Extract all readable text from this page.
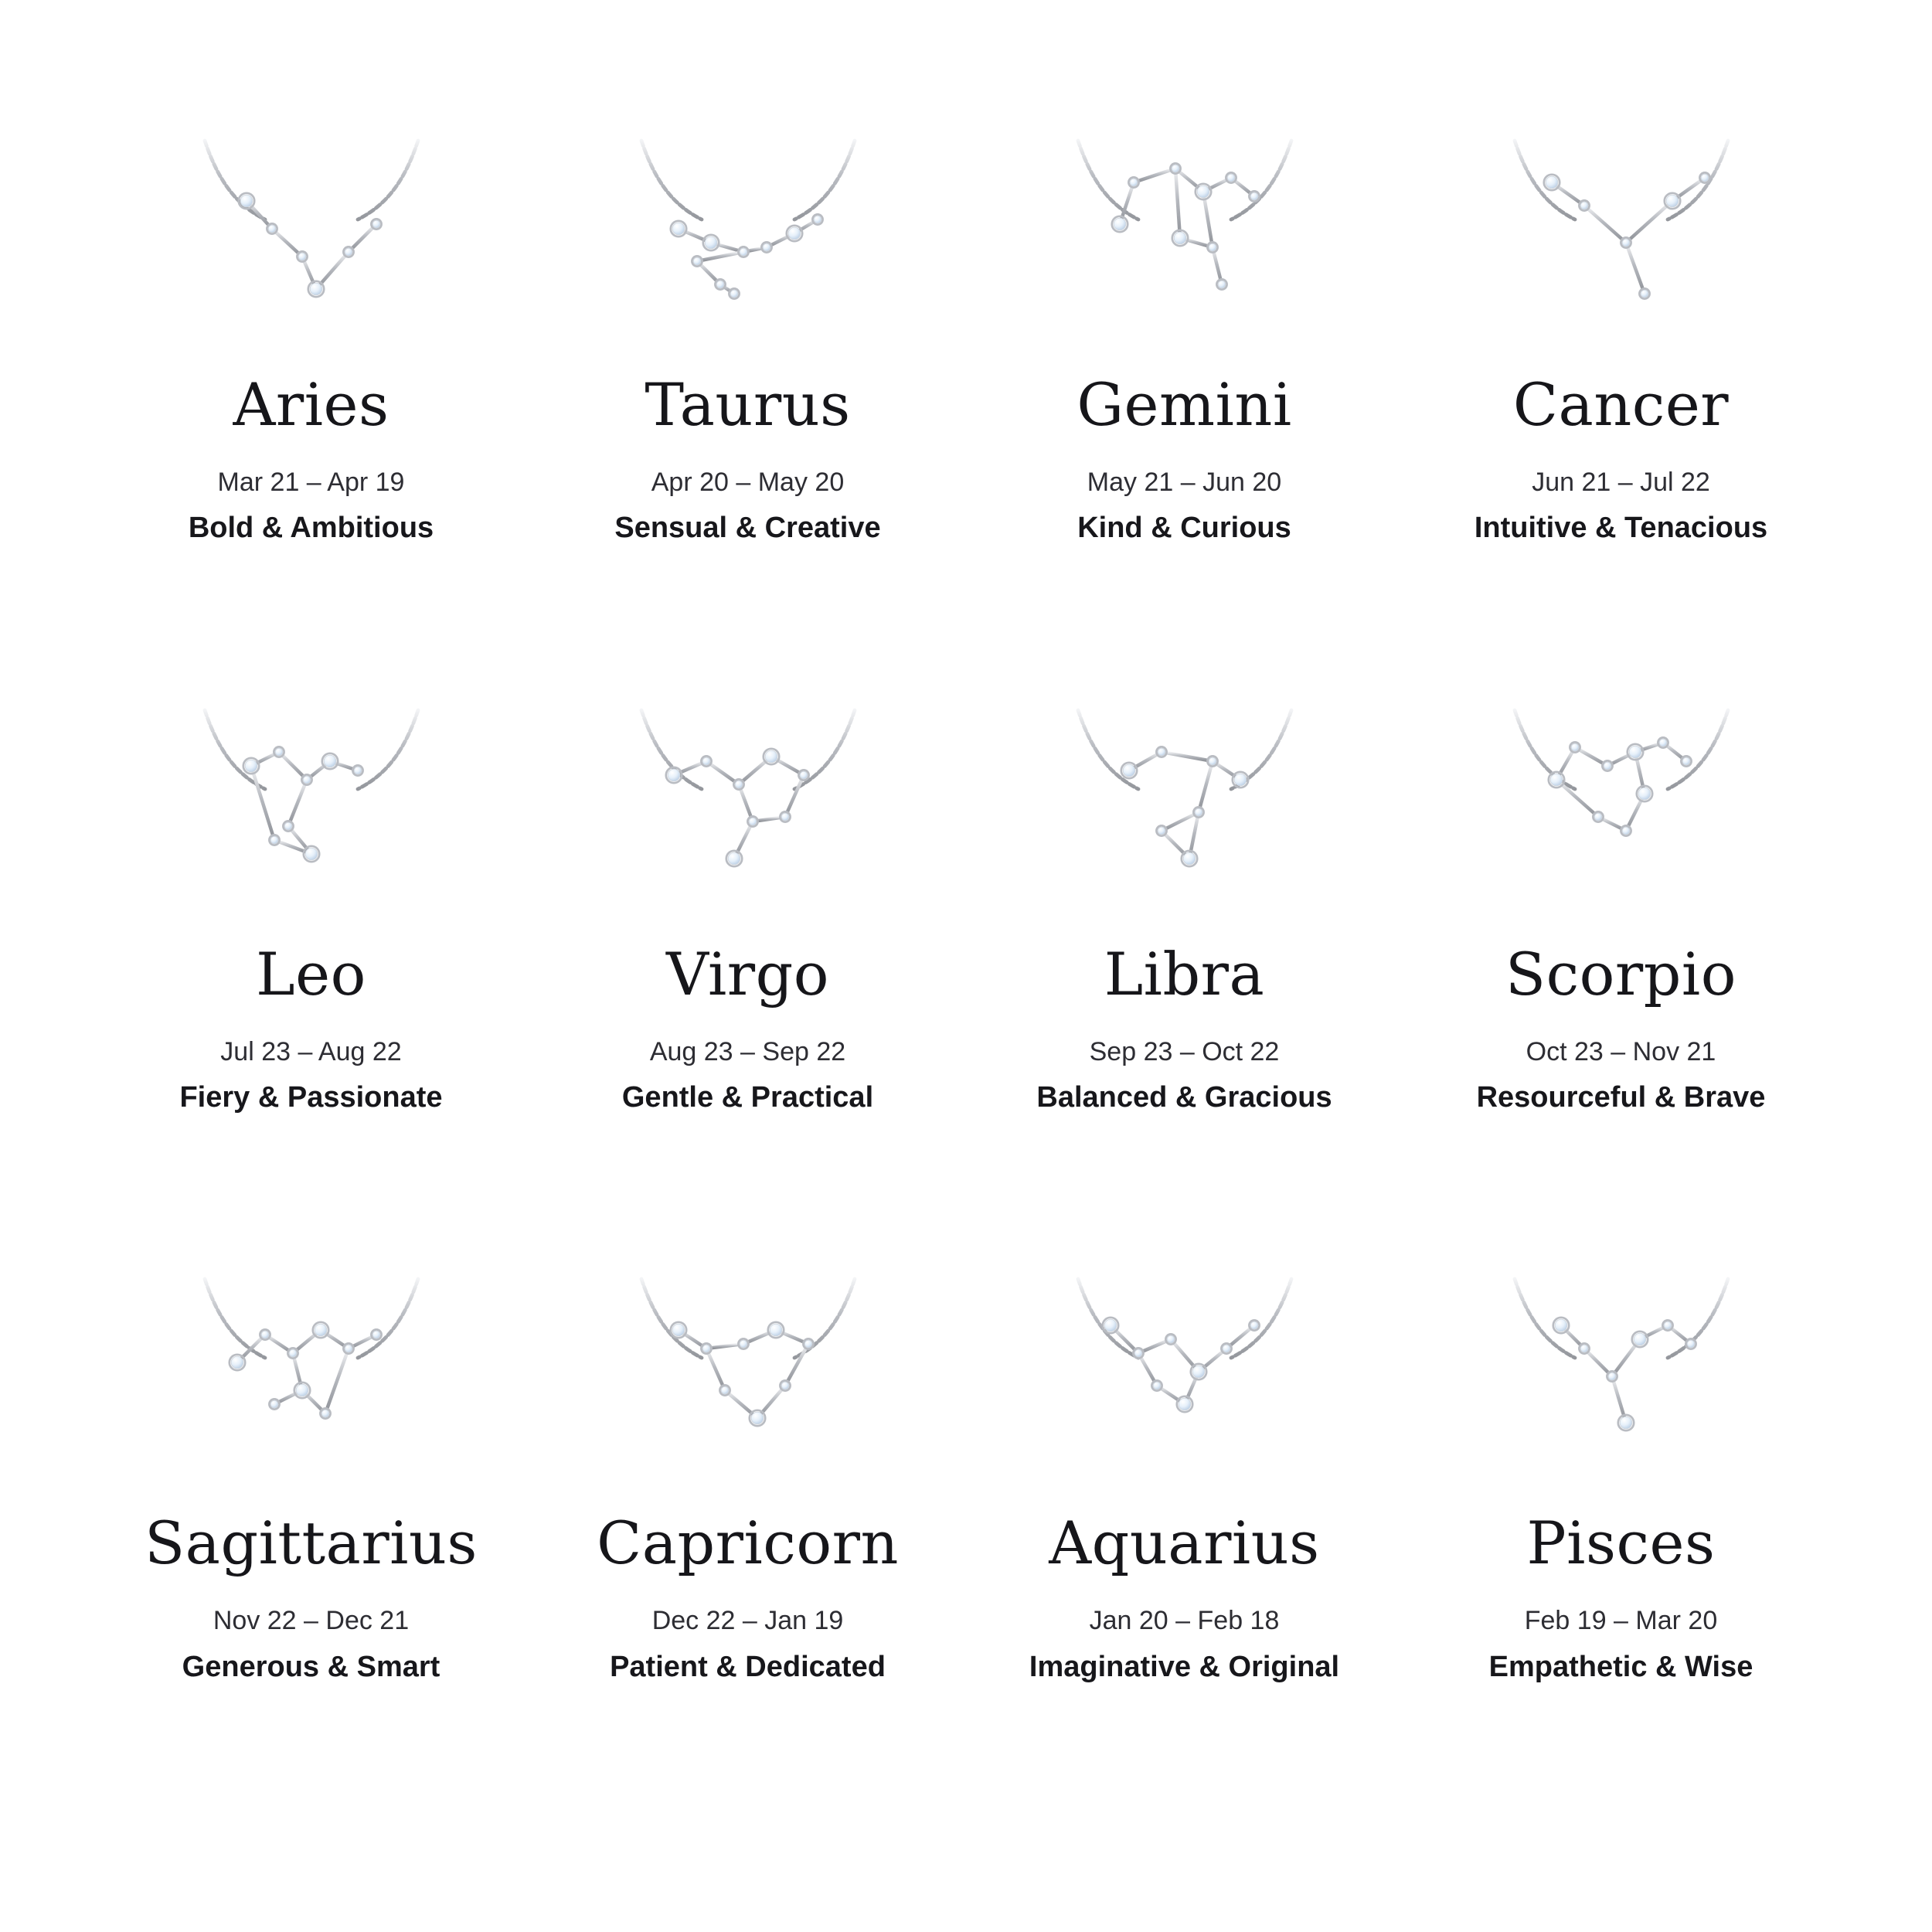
Aries
Mar 21 – Apr 19
Bold & Ambitious
Taurus
Apr 20 – May 20
Sensual & Creative
Gemini
May 21 – Jun 20
Kind & Curious
Cancer
Jun 21 – Jul 22
Intuitive & Tenacious
Leo
Jul 23 – Aug 22
Fiery & Passionate
Virgo
Aug 23 – Sep 22
Gentle & Practical
Libra
Sep 23 – Oct 22
Balanced & Gracious
Scorpio
Oct 23 – Nov 21
Resourceful & Brave
Sagittarius
Nov 22 – Dec 21
Generous & Smart
Capricorn
Dec 22 – Jan 19
Patient & Dedicated
Aquarius
Jan 20 – Feb 18
Imaginative & Original
Pisces
Feb 19 – Mar 20
Empathetic & Wise
